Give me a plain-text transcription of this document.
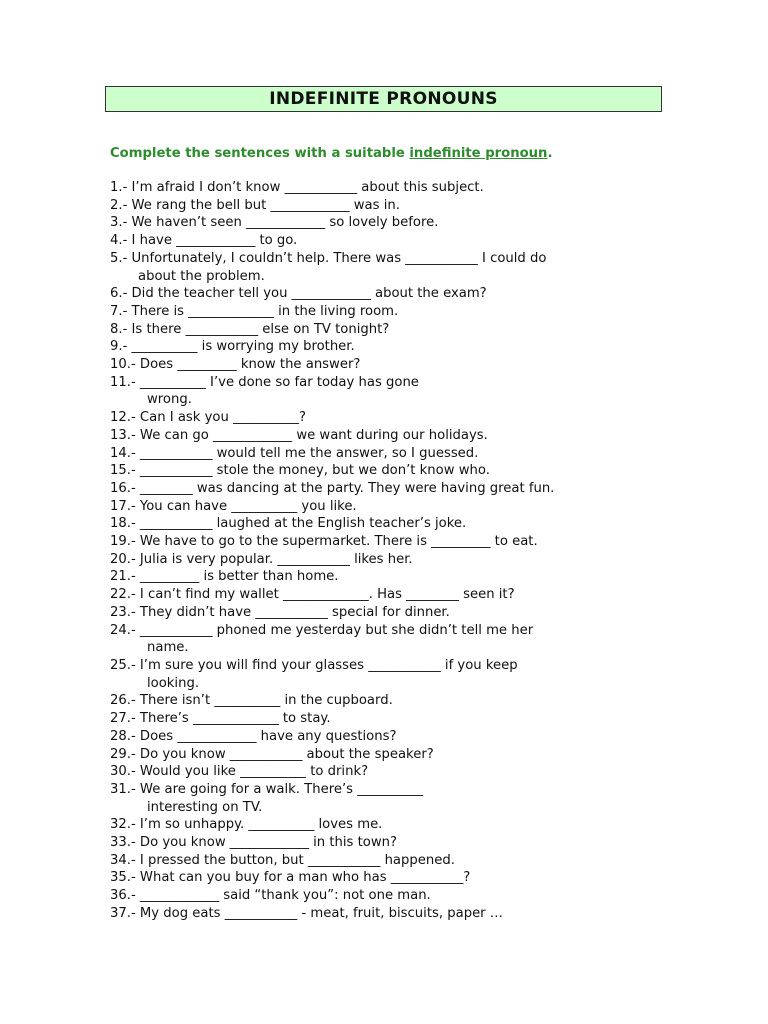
INDEFINITE PRONOUNS
Complete the sentences with a suitable indefinite pronoun.
1.- I’m afraid I don’t know ___________ about this subject.
2.- We rang the bell but ____________ was in.
3.- We haven’t seen ____________ so lovely before.
4.- I have ____________ to go.
5.- Unfortunately, I couldn’t help. There was ___________ I could do
about the problem.
6.- Did the teacher tell you ____________ about the exam?
7.- There is _____________ in the living room.
8.- Is there ___________ else on TV tonight?
9.- __________ is worrying my brother.
10.- Does _________ know the answer?
11.- __________ I’ve done so far today has gone
wrong.
12.- Can I ask you __________?
13.- We can go ____________ we want during our holidays.
14.- ___________ would tell me the answer, so I guessed.
15.- ___________ stole the money, but we don’t know who.
16.- ________ was dancing at the party. They were having great fun.
17.- You can have __________ you like.
18.- ___________ laughed at the English teacher’s joke.
19.- We have to go to the supermarket. There is _________ to eat.
20.- Julia is very popular. ___________ likes her.
21.- _________ is better than home.
22.- I can’t find my wallet _____________. Has ________ seen it?
23.- They didn’t have ___________ special for dinner.
24.- ___________ phoned me yesterday but she didn’t tell me her
name.
25.- I’m sure you will find your glasses ___________ if you keep
looking.
26.- There isn’t __________ in the cupboard.
27.- There’s _____________ to stay.
28.- Does ____________ have any questions?
29.- Do you know ___________ about the speaker?
30.- Would you like __________ to drink?
31.- We are going for a walk. There’s __________
interesting on TV.
32.- I’m so unhappy. __________ loves me.
33.- Do you know ____________ in this town?
34.- I pressed the button, but ___________ happened.
35.- What can you buy for a man who has ___________?
36.- ____________ said “thank you”: not one man.
37.- My dog eats ___________ - meat, fruit, biscuits, paper …
